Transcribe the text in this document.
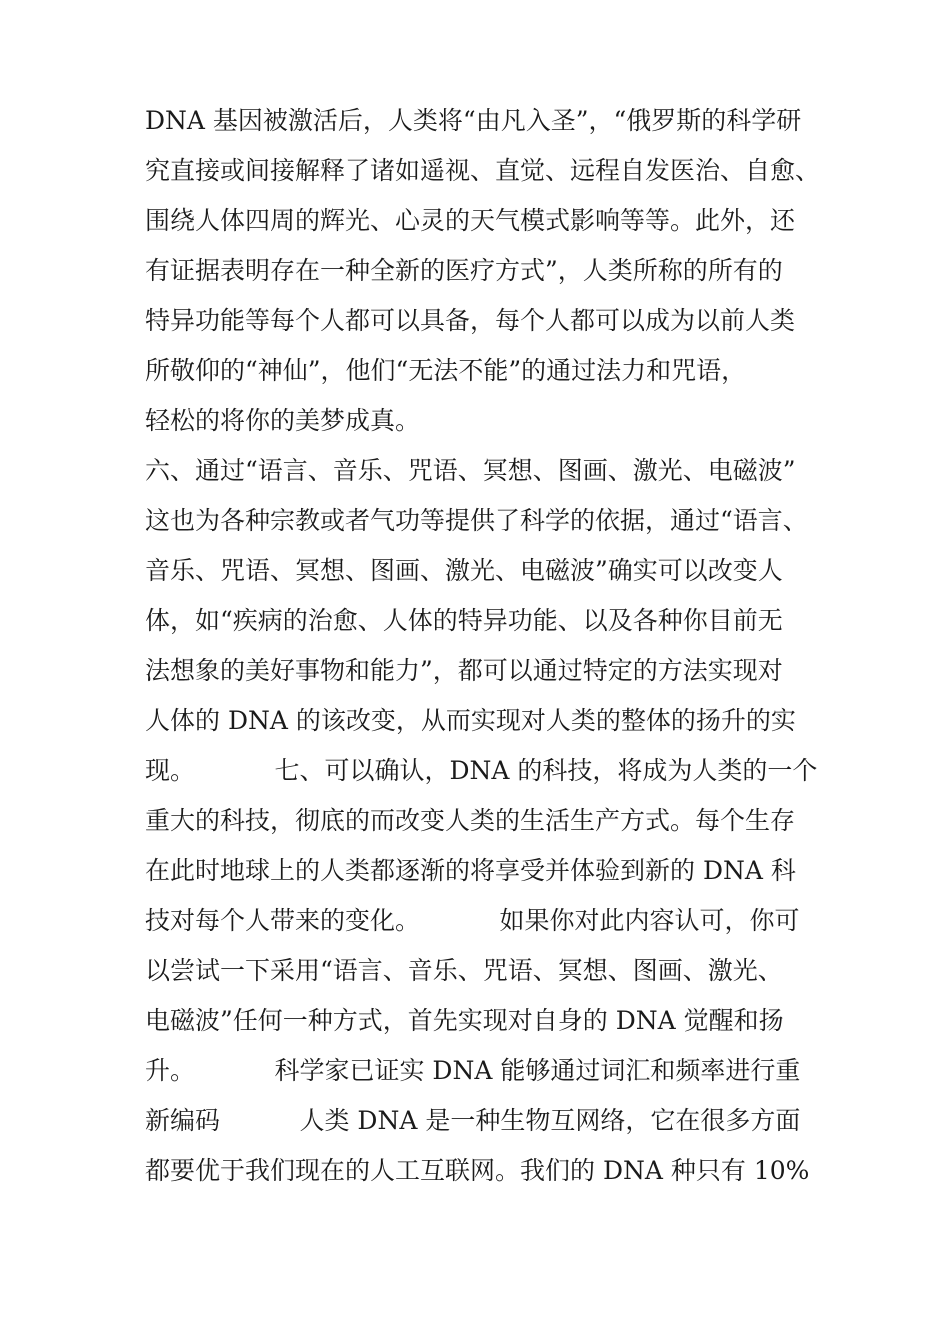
DNA 基因被激活后，人类将“由凡入圣”，“俄罗斯的科学研
究直接或间接解释了诸如遥视、直觉、远程自发医治、自愈、
围绕人体四周的辉光、心灵的天气模式影响等等。此外，还
有证据表明存在一种全新的医疗方式”，人类所称的所有的
特异功能等每个人都可以具备，每个人都可以成为以前人类
所敬仰的“神仙”，他们“无法不能”的通过法力和咒语，
轻松的将你的美梦成真。
六、通过“语言、音乐、咒语、冥想、图画、激光、电磁波”
这也为各种宗教或者气功等提供了科学的依据，通过“语言、
音乐、咒语、冥想、图画、激光、电磁波”确实可以改变人
体，如“疾病的治愈、人体的特异功能、以及各种你目前无
法想象的美好事物和能力”，都可以通过特定的方法实现对
人体的 DNA 的该改变，从而实现对人类的整体的扬升的实
现。          七、可以确认，DNA 的科技，将成为人类的一个
重大的科技，彻底的而改变人类的生活生产方式。每个生存
在此时地球上的人类都逐渐的将享受并体验到新的 DNA 科
技对每个人带来的变化。          如果你对此内容认可，你可
以尝试一下采用“语言、音乐、咒语、冥想、图画、激光、
电磁波”任何一种方式，首先实现对自身的 DNA 觉醒和扬
升。          科学家已证实 DNA 能够通过词汇和频率进行重
新编码          人类 DNA 是一种生物互网络，它在很多方面
都要优于我们现在的人工互联网。我们的 DNA 种只有 10%
